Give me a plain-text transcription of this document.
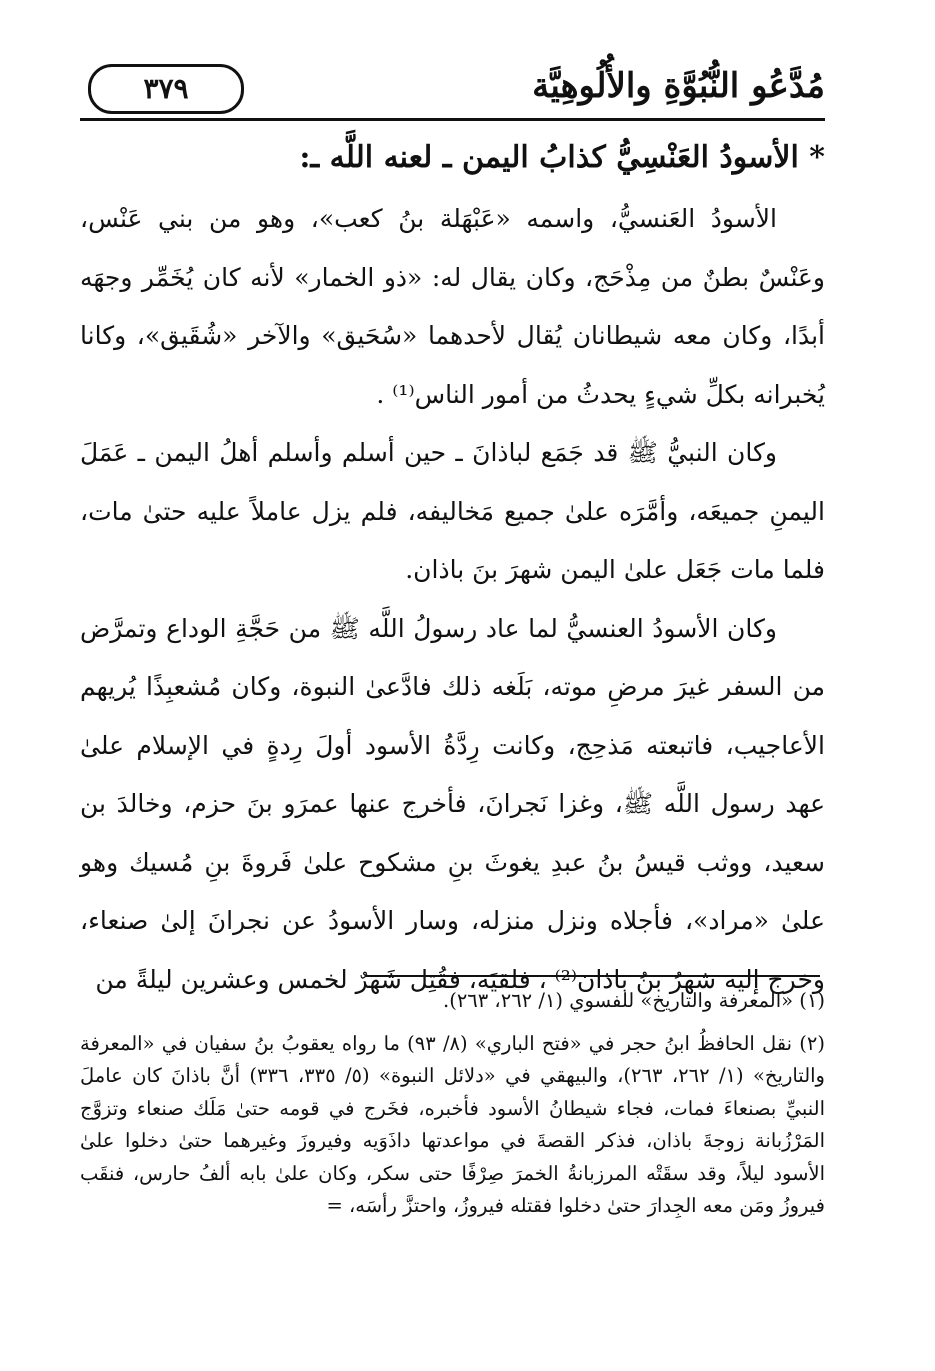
مُدَّعُو النُّبُوَّةِ والأُلُوهِيَّة
٣٧٩
* الأسودُ العَنْسِيُّ كذابُ اليمن ـ لعنه اللَّه ـ:

الأسودُ العَنسيُّ، واسمه «عَبْهَلة بنُ كعب»، وهو من بني عَنْس، وعَنْسٌ بطنٌ من مِذْحَج، وكان يقال له: «ذو الخمار» لأنه كان يُخَمِّر وجهَه أبدًا، وكان معه شيطانان يُقال لأحدهما «سُحَيق» والآخر «شُقَيق»، وكانا يُخبرانه بكلِّ شيءٍ يحدثُ من أمور الناس⁽¹⁾ .

وكان النبيُّ ﷺ قد جَمَع لباذانَ ـ حين أسلم وأسلم أهلُ اليمن ـ عَمَلَ اليمنِ جميعَه، وأمَّرَه علىٰ جميع مَخاليفه، فلم يزل عاملاً عليه حتىٰ مات، فلما مات جَعَل علىٰ اليمن شهرَ بنَ باذان.

وكان الأسودُ العنسيُّ لما عاد رسولُ اللَّه ﷺ من حَجَّةِ الوداع وتمرَّض من السفر غيرَ مرضِ موته، بَلَغه ذلك فادَّعىٰ النبوة، وكان مُشعبِذًا يُريهم الأعاجيب، فاتبعته مَذحِج، وكانت رِدَّةُ الأسود أولَ رِدةٍ في الإسلام علىٰ عهد رسول اللَّه ﷺ، وغزا نَجرانَ، فأخرج عنها عمرَو بنَ حزم، وخالدَ بن سعيد، ووثب قيسُ بنُ عبدِ يغوثَ بنِ مشكوح علىٰ فَروةَ بنِ مُسيك وهو علىٰ «مراد»، فأجلاه ونزل منزله، وسار الأسودُ عن نجرانَ إلىٰ صنعاء، وخرج إليه شهرُ بنُ باذان⁽²⁾ ، فلقيَه، فقُتِل شَهرٌ لخمس وعشرين ليلةً من

(١) «المعرفة والتاريخ» للفسوي (١/ ٢٦٢، ٢٦٣).

(٢) نقل الحافظُ ابنُ حجر في «فتح الباري» (٨/ ٩٣) ما رواه يعقوبُ بنُ سفيان في «المعرفة والتاريخ» (١/ ٢٦٢، ٢٦٣)، والبيهقي في «دلائل النبوة» (٥/ ٣٣٥، ٣٣٦) أنَّ باذانَ كان عاملَ النبيِّ بصنعاءَ فمات، فجاء شيطانُ الأسود فأخبره، فخَرج في قومه حتىٰ مَلَك صنعاء وتزوَّج المَرْزُبانة زوجةَ باذان، فذكر القصةَ في مواعدتها داذَوَيه وفيروزَ وغيرهما حتىٰ دخلوا علىٰ الأسود ليلاً، وقد سقَتْه المرزبانةُ الخمرَ صِرْفًا حتى سكر، وكان علىٰ بابه ألفُ حارس، فنقَب فيروزُ ومَن معه الجِدارَ حتىٰ دخلوا فقتله فيروزُ، واحتزَّ رأسَه، =
